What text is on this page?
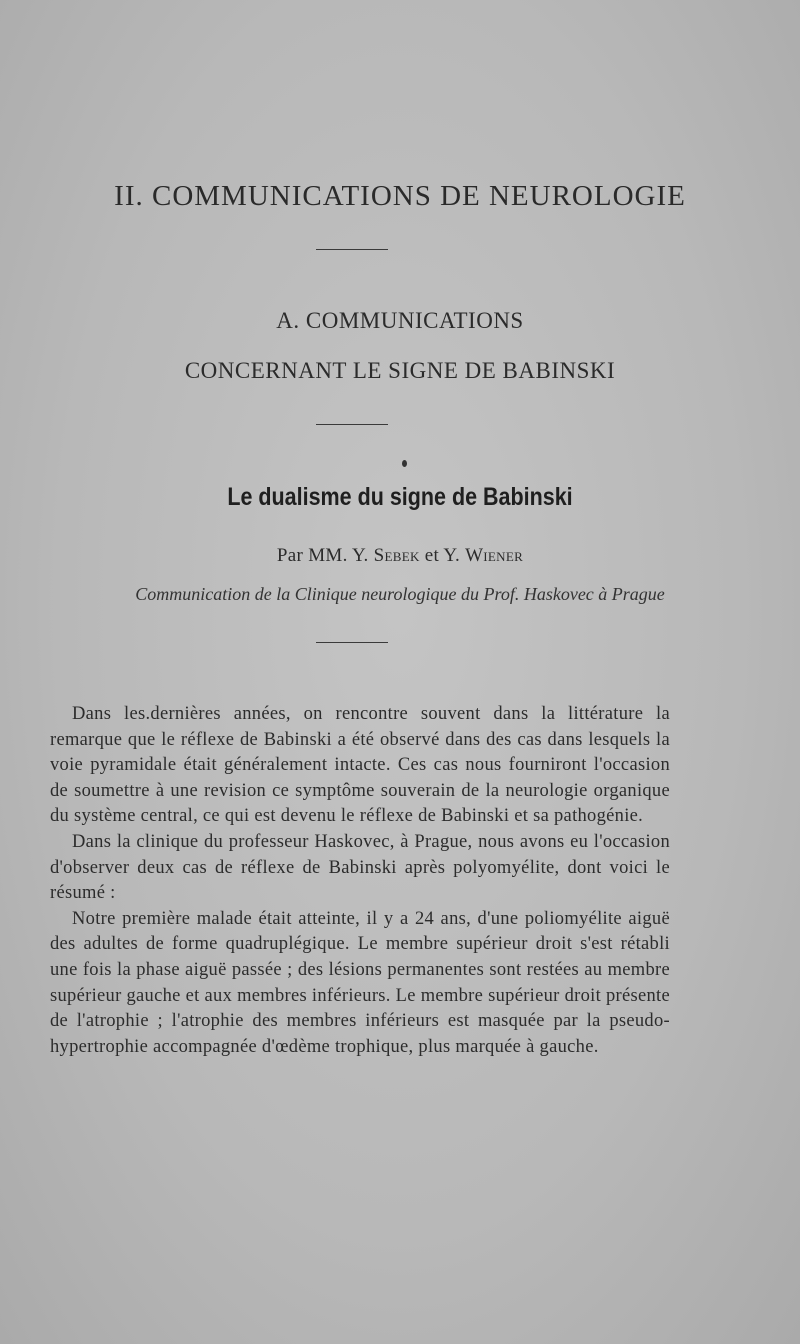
II. COMMUNICATIONS DE NEUROLOGIE
A. COMMUNICATIONS
CONCERNANT LE SIGNE DE BABINSKI
Le dualisme du signe de Babinski
Par MM. Y. Sebek et Y. Wiener
Communication de la Clinique neurologique du Prof. Haskovec à Prague

Dans les.dernières années, on rencontre souvent dans la littérature la remarque que le réflexe de Babinski a été observé dans des cas dans lesquels la voie pyramidale était généralement intacte. Ces cas nous fourniront l'occasion de soumettre à une revision ce symptôme souverain de la neurologie organique du système central, ce qui est devenu le réflexe de Babinski et sa pathogénie.

Dans la clinique du professeur Haskovec, à Prague, nous avons eu l'occasion d'observer deux cas de réflexe de Babinski après polyomyélite, dont voici le résumé :

Notre première malade était atteinte, il y a 24 ans, d'une poliomyélite aiguë des adultes de forme quadruplégique. Le membre supérieur droit s'est rétabli une fois la phase aiguë passée ; des lésions permanentes sont restées au membre supérieur gauche et aux membres inférieurs. Le membre supérieur droit présente de l'atrophie ; l'atrophie des membres inférieurs est masquée par la pseudo-hypertrophie accompagnée d'œdème trophique, plus marquée à gauche.
